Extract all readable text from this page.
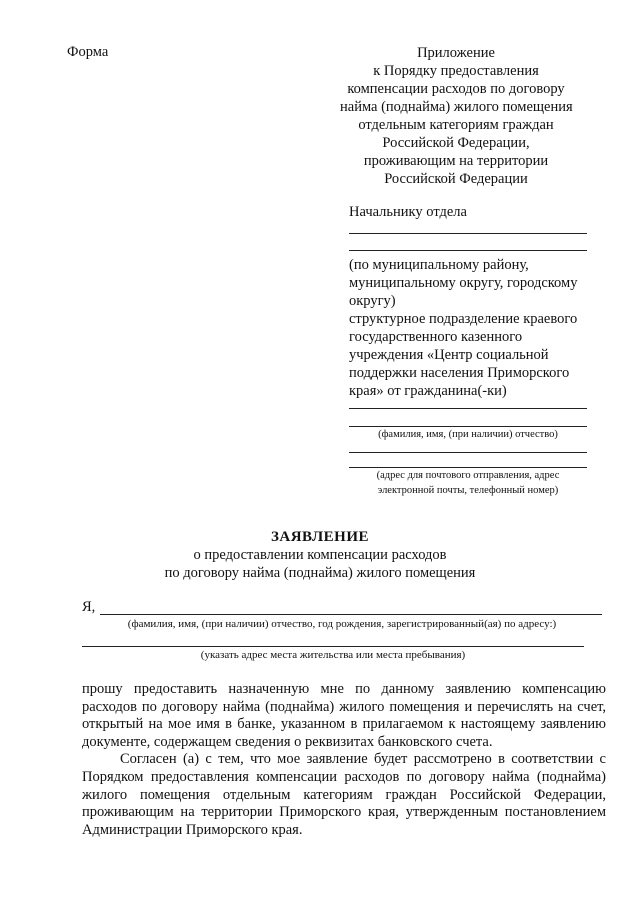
Форма	Приложение
к Порядку предоставления
компенсации расходов по договору
найма (поднайма) жилого помещения
отдельным категориям граждан
Российской Федерации,
проживающим на территории
Российской Федерации
Начальнику отдела
(по муниципальному району,
муниципальному округу, городскому
округу)
структурное подразделение краевого
государственного казенного
учреждения «Центр социальной
поддержки населения Приморского
края» от гражданина(-ки)
(фамилия, имя, (при наличии) отчество)
(адрес для почтового отправления, адрес
электронной почты, телефонный номер)
ЗАЯВЛЕНИЕ
о предоставлении компенсации расходов
по договору найма (поднайма) жилого помещения
Я,
(фамилия, имя, (при наличии) отчество, год рождения, зарегистрированный(ая) по адресу:)
(указать адрес места жительства или места пребывания)

прошу предоставить назначенную мне по данному заявлению компенсацию расходов по договору найма (поднайма) жилого помещения и перечислять на счет, открытый на мое имя в банке, указанном в прилагаемом к настоящему заявлению документе, содержащем сведения о реквизитах банковского счета.

Согласен (а) с тем, что мое заявление будет рассмотрено в соответствии с Порядком предоставления компенсации расходов по договору найма (поднайма) жилого помещения отдельным категориям граждан Российской Федерации, проживающим на территории Приморского края, утвержденным постановлением Администрации Приморского края.
